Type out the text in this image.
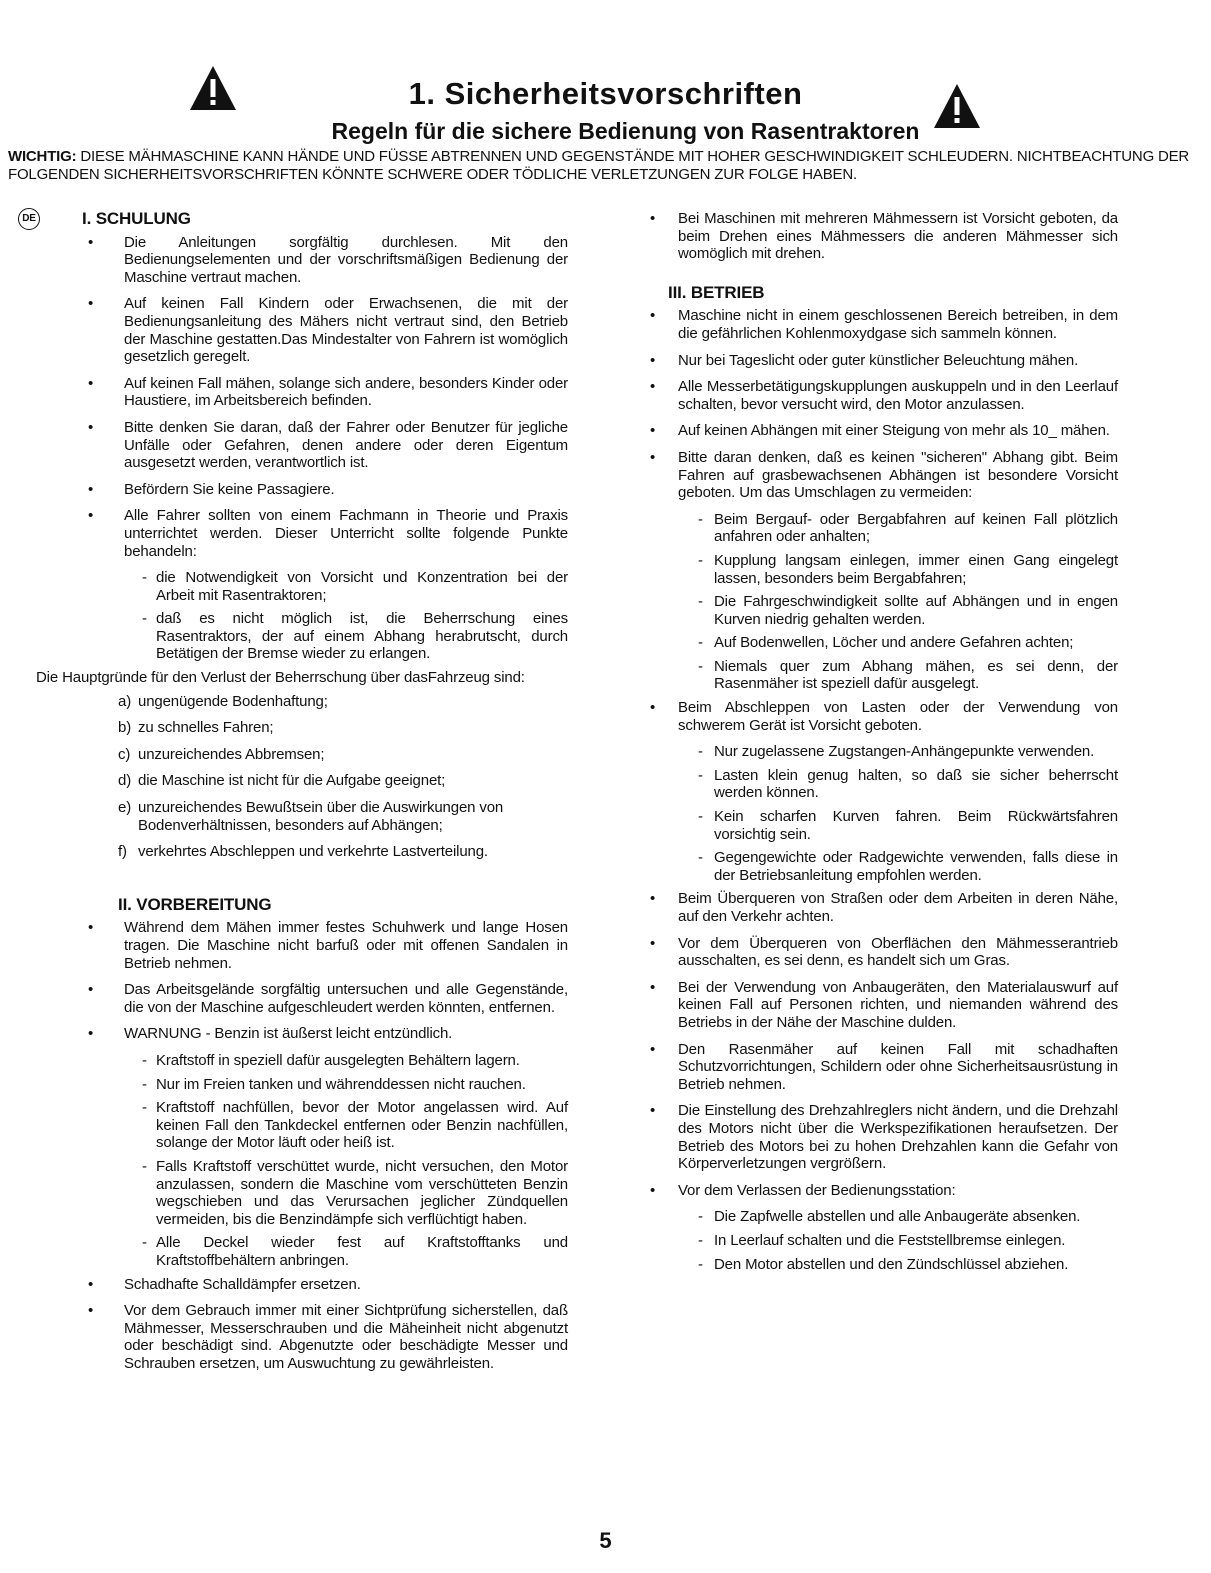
1. Sicherheitsvorschriften
Regeln für die sichere Bedienung von Rasentraktoren
WICHTIG: DIESE MÄHMASCHINE KANN HÄNDE UND FÜSSE ABTRENNEN UND GEGENSTÄNDE MIT HOHER GESCHWINDIGKEIT SCHLEUDERN. NICHTBEACHTUNG DER FOLGENDEN SICHERHEITSVORSCHRIFTEN KÖNNTE SCHWERE ODER TÖDLICHE VERLETZUNGEN ZUR FOLGE HABEN.
DE	I. SCHULUNG
• Die Anleitungen sorgfältig durchlesen. Mit den Bedienungselementen und der vorschriftsmäßigen Bedienung der Maschine vertraut machen.
• Auf keinen Fall Kindern oder Erwachsenen, die mit der Bedienungsanleitung des Mähers nicht vertraut sind, den Betrieb der Maschine gestatten.Das Mindestalter von Fahrern ist womöglich gesetzlich geregelt.
• Auf keinen Fall mähen, solange sich andere, besonders Kinder oder Haustiere, im Arbeitsbereich befinden.
• Bitte denken Sie daran, daß der Fahrer oder Benutzer für jegliche Unfälle oder Gefahren, denen andere oder deren Eigentum ausgesetzt werden, verantwortlich ist.
• Befördern Sie keine Passagiere.
• Alle Fahrer sollten von einem Fachmann in Theorie und Praxis unterrichtet werden. Dieser Unterricht sollte folgende Punkte behandeln:
- die Notwendigkeit von Vorsicht und Konzentration bei der Arbeit mit Rasentraktoren;
- daß es nicht möglich ist, die Beherrschung eines Rasentraktors, der auf einem Abhang herabrutscht, durch Betätigen der Bremse wieder zu erlangen.
Die Hauptgründe für den Verlust der Beherrschung über dasFahrzeug sind:
a) ungenügende Bodenhaftung;
b) zu schnelles Fahren;
c) unzureichendes Abbremsen;
d) die Maschine ist nicht für die Aufgabe geeignet;
e) unzureichendes Bewußtsein über die Auswirkungen von Bodenverhältnissen, besonders auf Abhängen;
f) verkehrtes Abschleppen und verkehrte Lastverteilung.
II. VORBEREITUNG
• Während dem Mähen immer festes Schuhwerk und lange Hosen tragen. Die Maschine nicht barfuß oder mit offenen Sandalen in Betrieb nehmen.
• Das Arbeitsgelände sorgfältig untersuchen und alle Gegenstände, die von der Maschine aufgeschleudert werden könnten, entfernen.
• WARNUNG - Benzin ist äußerst leicht entzündlich.
- Kraftstoff in speziell dafür ausgelegten Behältern lagern.
- Nur im Freien tanken und währenddessen nicht rauchen.
- Kraftstoff nachfüllen, bevor der Motor angelassen wird. Auf keinen Fall den Tankdeckel entfernen oder Benzin nachfüllen, solange der Motor läuft oder heiß ist.
- Falls Kraftstoff verschüttet wurde, nicht versuchen, den Motor anzulassen, sondern die Maschine vom verschütteten Benzin wegschieben und das Verursachen jeglicher Zündquellen vermeiden, bis die Benzindämpfe sich verflüchtigt haben.
- Alle Deckel wieder fest auf Kraftstofftanks und Kraftstoffbehältern anbringen.
• Schadhafte Schalldämpfer ersetzen.
• Vor dem Gebrauch immer mit einer Sichtprüfung sicherstellen, daß Mähmesser, Messerschrauben und die Mäheinheit nicht abgenutzt oder beschädigt sind. Abgenutzte oder beschädigte Messer und Schrauben ersetzen, um Auswuchtung zu gewährleisten.
• Bei Maschinen mit mehreren Mähmessern ist Vorsicht geboten, da beim Drehen eines Mähmessers die anderen Mähmesser sich womöglich mit drehen.
III. BETRIEB
• Maschine nicht in einem geschlossenen Bereich betreiben, in dem die gefährlichen Kohlenmoxydgase sich sammeln können.
• Nur bei Tageslicht oder guter künstlicher Beleuchtung mähen.
• Alle Messerbetätigungskupplungen auskuppeln und in den Leerlauf schalten, bevor versucht wird, den Motor anzulassen.
• Auf keinen Abhängen mit einer Steigung von mehr als 10_ mähen.
• Bitte daran denken, daß es keinen "sicheren" Abhang gibt. Beim Fahren auf grasbewachsenen Abhängen ist besondere Vorsicht geboten. Um das Umschlagen zu vermeiden:
- Beim Bergauf- oder Bergabfahren auf keinen Fall plötzlich anfahren oder anhalten;
- Kupplung langsam einlegen, immer einen Gang eingelegt lassen, besonders beim Bergabfahren;
- Die Fahrgeschwindigkeit sollte auf Abhängen und in engen Kurven niedrig gehalten werden.
- Auf Bodenwellen, Löcher und andere Gefahren achten;
- Niemals quer zum Abhang mähen, es sei denn, der Rasenmäher ist speziell dafür ausgelegt.
• Beim Abschleppen von Lasten oder der Verwendung von schwerem Gerät ist Vorsicht geboten.
- Nur zugelassene Zugstangen-Anhängepunkte verwenden.
- Lasten klein genug halten, so daß sie sicher beherrscht werden können.
- Kein scharfen Kurven fahren. Beim Rückwärtsfahren vorsichtig sein.
- Gegengewichte oder Radgewichte verwenden, falls diese in der Betriebsanleitung empfohlen werden.
• Beim Überqueren von Straßen oder dem Arbeiten in deren Nähe, auf den Verkehr achten.
• Vor dem Überqueren von Oberflächen den Mähmesserantrieb ausschalten, es sei denn, es handelt sich um Gras.
• Bei der Verwendung von Anbaugeräten, den Materialauswurf auf keinen Fall auf Personen richten, und niemanden während des Betriebs in der Nähe der Maschine dulden.
• Den Rasenmäher auf keinen Fall mit schadhaften Schutzvorrichtungen, Schildern oder ohne Sicherheitsausrüstung in Betrieb nehmen.
• Die Einstellung des Drehzahlreglers nicht ändern, und die Drehzahl des Motors nicht über die Werkspezifikationen heraufsetzen. Der Betrieb des Motors bei zu hohen Drehzahlen kann die Gefahr von Körperverletzungen vergrößern.
• Vor dem Verlassen der Bedienungsstation:
- Die Zapfwelle abstellen und alle Anbaugeräte absenken.
- In Leerlauf schalten und die Feststellbremse einlegen.
- Den Motor abstellen und den Zündschlüssel abziehen.
5
